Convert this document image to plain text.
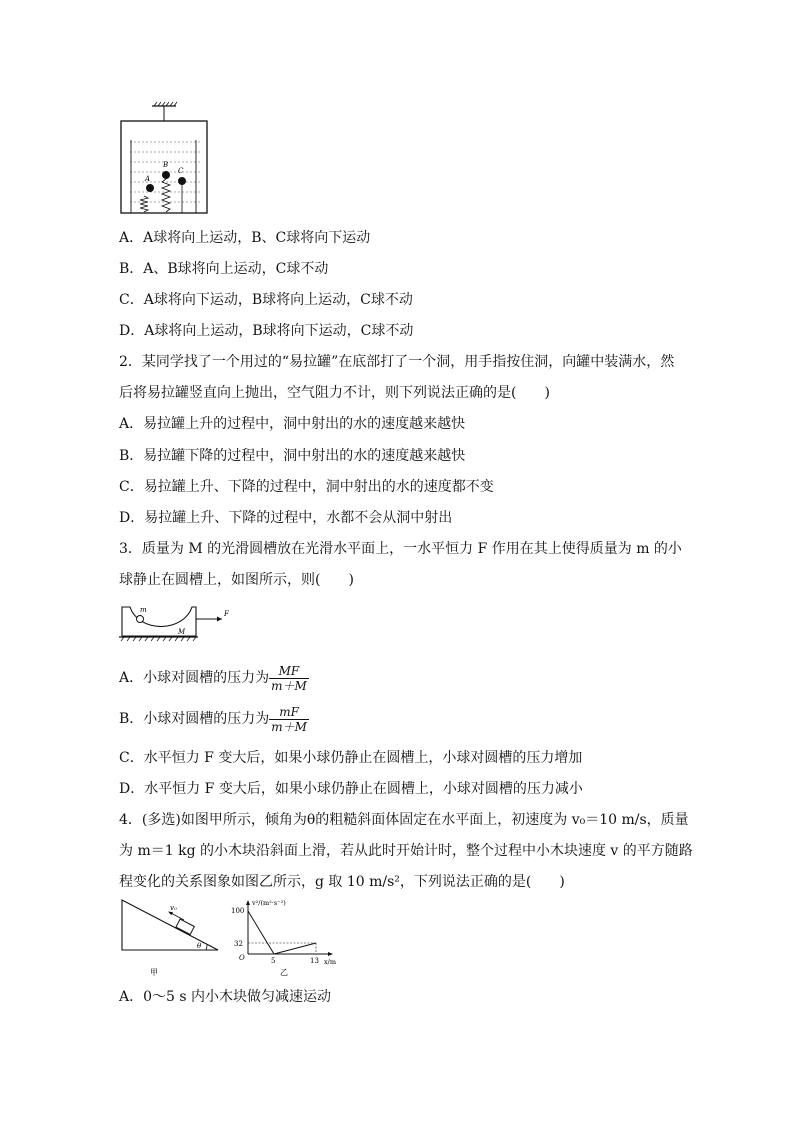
A
B
C
A．A球将向上运动，B、C球将向下运动
B．A、B球将向上运动，C球不动
C．A球将向下运动，B球将向上运动，C球不动
D．A球将向上运动，B球将向下运动，C球不动
2．某同学找了一个用过的“易拉罐”在底部打了一个洞，用手指按住洞，向罐中装满水，然
后将易拉罐竖直向上抛出，空气阻力不计，则下列说法正确的是(　　)
A．易拉罐上升的过程中，洞中射出的水的速度越来越快
B．易拉罐下降的过程中，洞中射出的水的速度越来越快
C．易拉罐上升、下降的过程中，洞中射出的水的速度都不变
D．易拉罐上升、下降的过程中，水都不会从洞中射出
3．质量为 M 的光滑圆槽放在光滑水平面上，一水平恒力 F 作用在其上使得质量为 m 的小
球静止在圆槽上，如图所示，则(　　)
m
M
F
A．小球对圆槽的压力为 $\frac{MF}{m+M}$
B．小球对圆槽的压力为 $\frac{mF}{m+M}$
C．水平恒力 F 变大后，如果小球仍静止在圆槽上，小球对圆槽的压力增加
D．水平恒力 F 变大后，如果小球仍静止在圆槽上，小球对圆槽的压力减小
4．(多选)如图甲所示，倾角为θ的粗糙斜面体固定在水平面上，初速度为 v₀＝10 m/s，质量
为 m＝1 kg 的小木块沿斜面上滑，若从此时开始计时，整个过程中小木块速度 v 的平方随路
程变化的关系图象如图乙所示，g 取 10 m/s²，下列说法正确的是(　　)
v₀
θ
甲
v²/(m²·s⁻²)
x/m
O
100
32
5	13
乙
A．0～5 s 内小木块做匀减速运动
